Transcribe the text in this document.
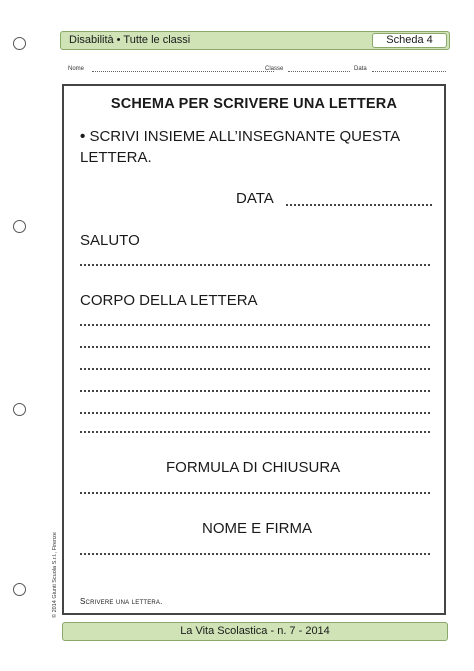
Disabilità • Tutte le classi	Scheda 4
Nome	Classe	Data
SCHEMA PER SCRIVERE UNA LETTERA
• SCRIVI INSIEME ALL’INSEGNANTE QUESTA LETTERA.
DATA
SALUTO
CORPO DELLA LETTERA
FORMULA DI CHIUSURA
NOME E FIRMA
Scrivere una lettera.
© 2014 Giunti Scuola S.r.l., Firenze
La Vita Scolastica - n. 7 - 2014
